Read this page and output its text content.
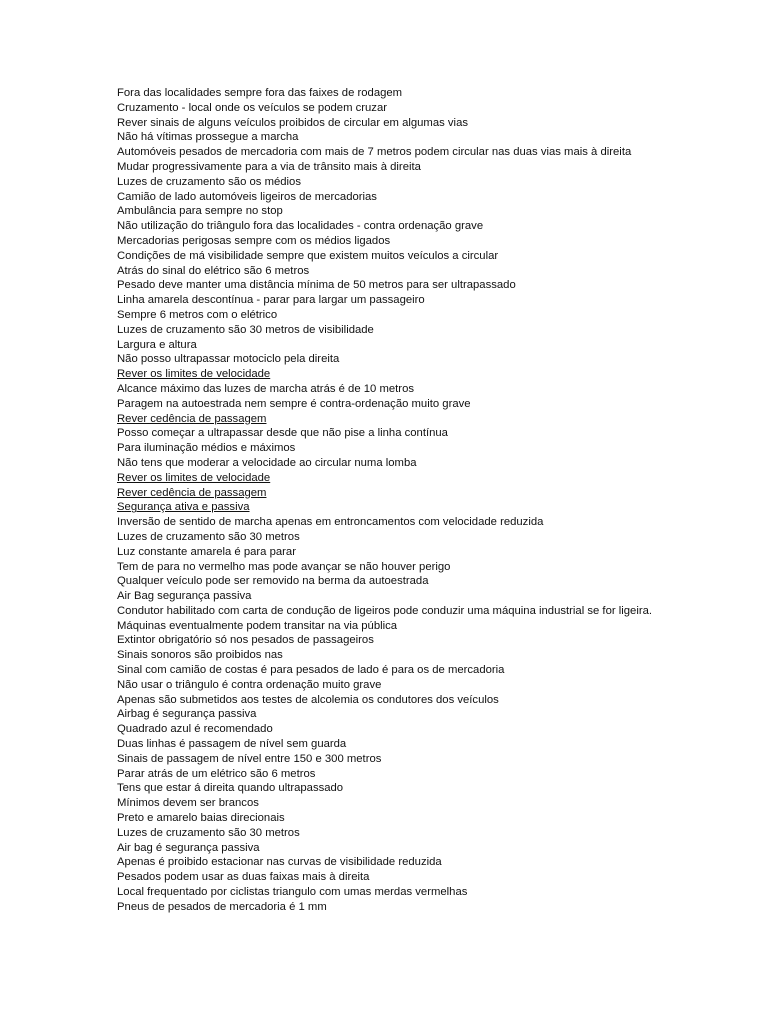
Fora das localidades sempre fora das faixes de rodagem

Cruzamento - local onde os veículos se podem cruzar

Rever sinais de alguns veículos proibidos de circular em algumas vias

Não há vítimas prossegue a marcha

Automóveis pesados de mercadoria com mais de 7 metros podem circular nas duas vias mais à direita

Mudar progressivamente para a via de trânsito mais à direita

Luzes de cruzamento são os médios

Camião de lado automóveis ligeiros de mercadorias

Ambulância para sempre no stop

Não utilização do triângulo fora das localidades - contra ordenação grave

Mercadorias perigosas sempre com os médios ligados

Condições de má visibilidade sempre que existem muitos veículos a circular

Atrás do sinal do elétrico são 6 metros

Pesado deve manter uma distância mínima de 50 metros para ser ultrapassado

Linha amarela descontínua - parar para largar um passageiro

Sempre 6 metros com o elétrico

Luzes de cruzamento são 30 metros de visibilidade

Largura e altura

Não posso ultrapassar motociclo pela direita

Rever os limites de velocidade

Alcance máximo das luzes de marcha atrás é de 10 metros

Paragem na autoestrada nem sempre é contra-ordenação muito grave

Rever cedência de passagem

Posso começar a ultrapassar desde que não pise a linha contínua

Para iluminação médios e máximos

Não tens que moderar a velocidade ao circular numa lomba

Rever os limites de velocidade

Rever cedência de passagem

Segurança ativa e passiva

Inversão de sentido de marcha apenas em entroncamentos com velocidade reduzida

Luzes de cruzamento são 30 metros

Luz constante amarela é para parar

Tem de para no vermelho mas pode avançar se não houver perigo

Qualquer veículo pode ser removido na berma da autoestrada

Air Bag segurança passiva

Condutor habilitado com carta de condução de ligeiros pode conduzir uma máquina industrial se for ligeira.

Máquinas eventualmente podem transitar na via pública

Extintor obrigatório só nos pesados de passageiros

Sinais sonoros são proibidos nas

Sinal com camião de costas é para pesados de lado é para os de mercadoria

Não usar o triângulo é contra ordenação muito grave

Apenas são submetidos aos testes de alcolemia os condutores dos veículos

Airbag é segurança passiva

Quadrado azul é recomendado

Duas linhas é passagem de nível sem guarda

Sinais de passagem de nível entre 150 e 300 metros

Parar atrás de um elétrico são 6 metros

Tens que estar á direita quando ultrapassado

Mínimos devem ser brancos

Preto e amarelo baias direcionais

Luzes de cruzamento são 30 metros

Air bag é segurança passiva

Apenas é proibido estacionar nas curvas de visibilidade reduzida

Pesados podem usar as duas faixas mais à direita

Local frequentado por ciclistas triangulo com umas merdas vermelhas

Pneus de pesados de mercadoria é 1 mm
